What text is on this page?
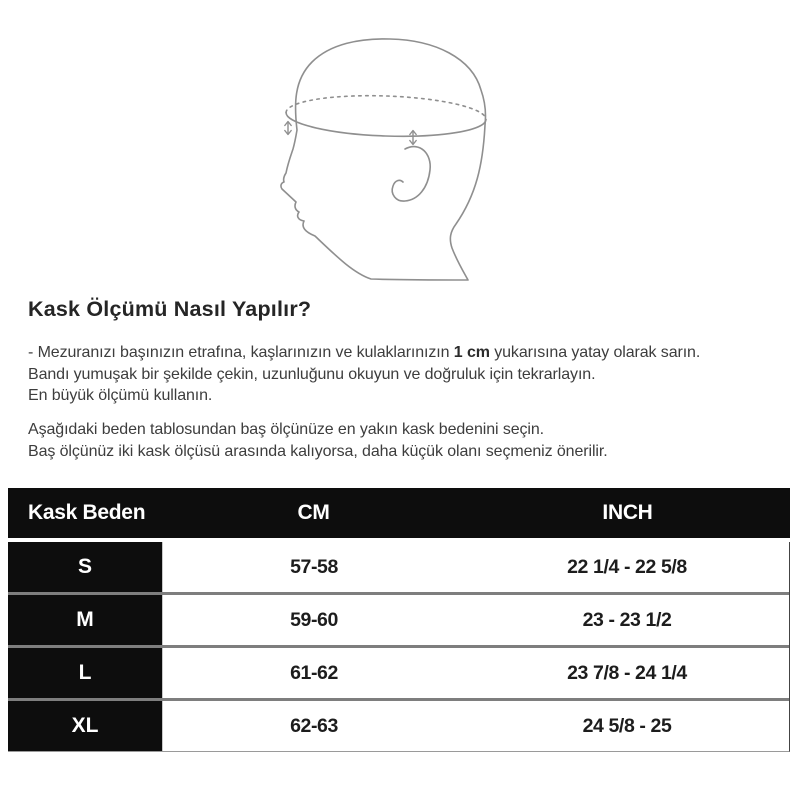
Kask Ölçümü Nasıl Yapılır?
- Mezuranızı başınızın etrafına, kaşlarınızın ve kulaklarınızın 1 cm yukarısına yatay olarak sarın.
Bandı yumuşak bir şekilde çekin, uzunluğunu okuyun ve doğruluk için tekrarlayın.
En büyük ölçümü kullanın.
Aşağıdaki beden tablosundan baş ölçünüze en yakın kask bedenini seçin.
Baş ölçünüz iki kask ölçüsü arasında kalıyorsa, daha küçük olanı seçmeniz önerilir.
Kask Beden	CM	INCH
S	57-58	22 1/4 - 22 5/8
M	59-60	23 - 23 1/2
L	61-62	23 7/8 - 24 1/4
XL	62-63	24 5/8 - 25
